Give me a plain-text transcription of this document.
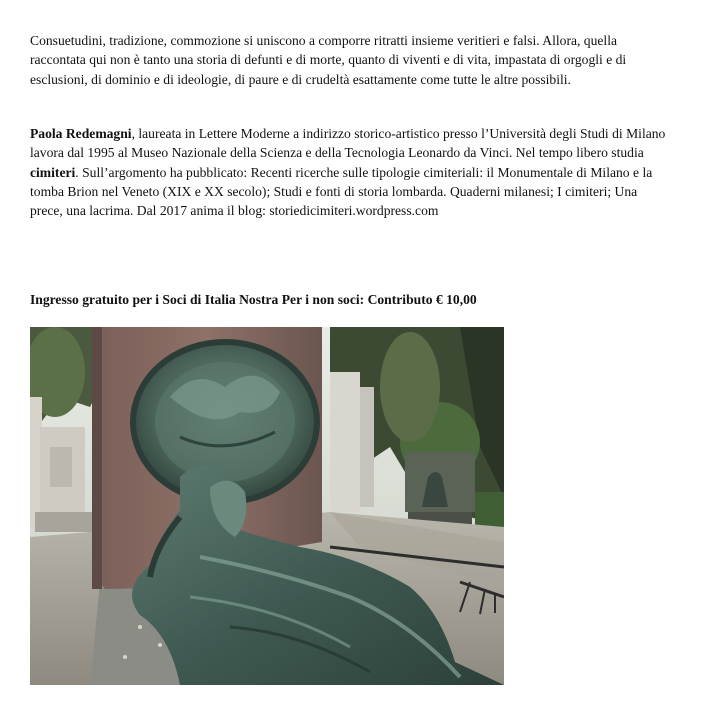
Consuetudini, tradizione, commozione si uniscono a comporre ritratti insieme veritieri e falsi. Allora, quella raccontata qui non è tanto una storia di defunti e di morte, quanto di viventi e di vita, impastata di orgogli e di esclusioni, di dominio e di ideologie, di paure e di crudeltà esattamente come tutte le altre possibili.

Paola Redemagni, laureata in Lettere Moderne a indirizzo storico-artistico presso l’Università degli Studi di Milano lavora dal 1995 al Museo Nazionale della Scienza e della Tecnologia Leonardo da Vinci. Nel tempo libero studia cimiteri. Sull’argomento ha pubblicato: Recenti ricerche sulle tipologie cimiteriali: il Monumentale di Milano e la tomba Brion nel Veneto (XIX e XX secolo); Studi e fonti di storia lombarda. Quaderni milanesi; I cimiteri; Una prece, una lacrima. Dal 2017 anima il blog: storiedicimiteri.wordpress.com

Ingresso gratuito per i Soci di Italia Nostra Per i non soci: Contributo € 10,00
